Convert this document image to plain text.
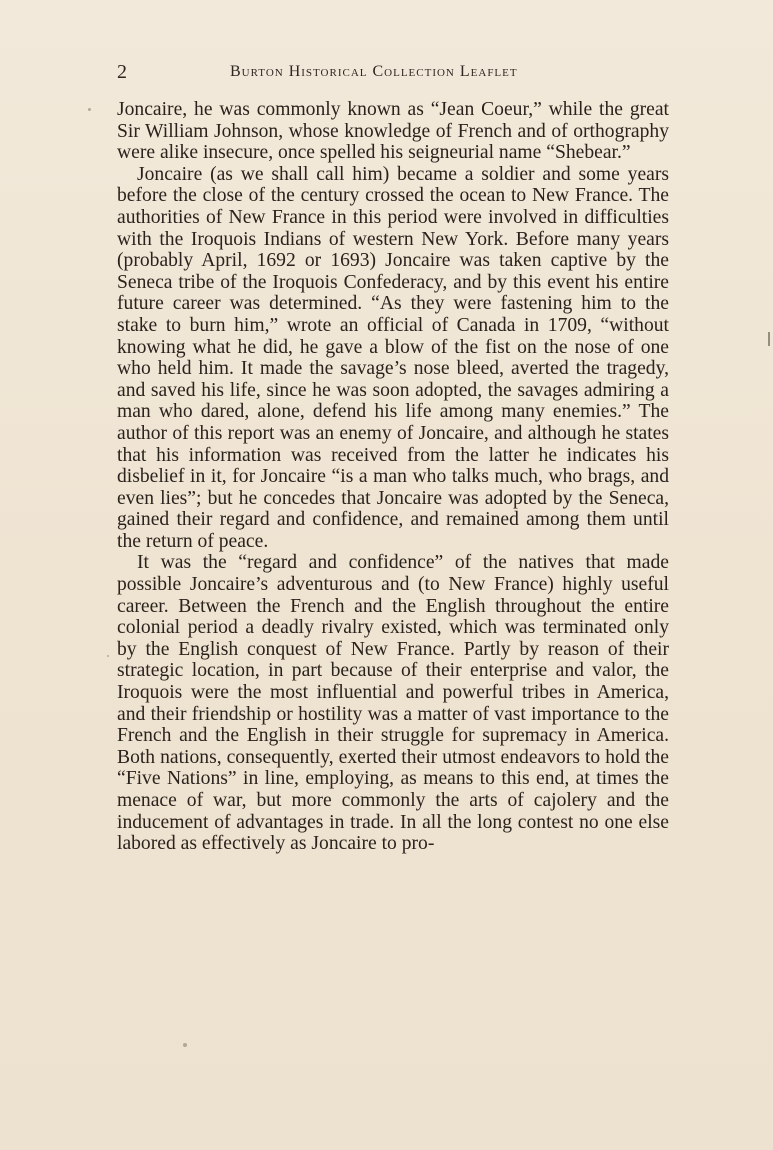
2	Burton Historical Collection Leaflet

Joncaire, he was commonly known as “Jean Coeur,” while the great Sir William Johnson, whose knowledge of French and of orthography were alike insecure, once spelled his seigneurial name “Shebear.”

Joncaire (as we shall call him) became a soldier and some years before the close of the century crossed the ocean to New France. The authorities of New France in this period were involved in difficulties with the Iroquois Indians of western New York. Before many years (probably April, 1692 or 1693) Joncaire was taken captive by the Seneca tribe of the Iroquois Confederacy, and by this event his entire future career was determined. “As they were fastening him to the stake to burn him,” wrote an official of Canada in 1709, “without knowing what he did, he gave a blow of the fist on the nose of one who held him. It made the savage’s nose bleed, averted the tragedy, and saved his life, since he was soon adopted, the savages admiring a man who dared, alone, defend his life among many enemies.” The author of this report was an enemy of Joncaire, and although he states that his information was received from the latter he indicates his disbelief in it, for Joncaire “is a man who talks much, who brags, and even lies”; but he concedes that Joncaire was adopted by the Seneca, gained their regard and confidence, and remained among them until the return of peace.

It was the “regard and confidence” of the natives that made possible Joncaire’s adventurous and (to New France) highly useful career. Between the French and the English throughout the entire colonial period a deadly rivalry existed, which was terminated only by the English conquest of New France. Partly by reason of their strategic location, in part because of their enterprise and valor, the Iroquois were the most influential and powerful tribes in America, and their friendship or hostility was a matter of vast importance to the French and the English in their struggle for supremacy in America. Both nations, consequently, exerted their utmost endeavors to hold the “Five Nations” in line, employing, as means to this end, at times the menace of war, but more commonly the arts of cajolery and the inducement of advantages in trade. In all the long contest no one else labored as effectively as Joncaire to pro-
